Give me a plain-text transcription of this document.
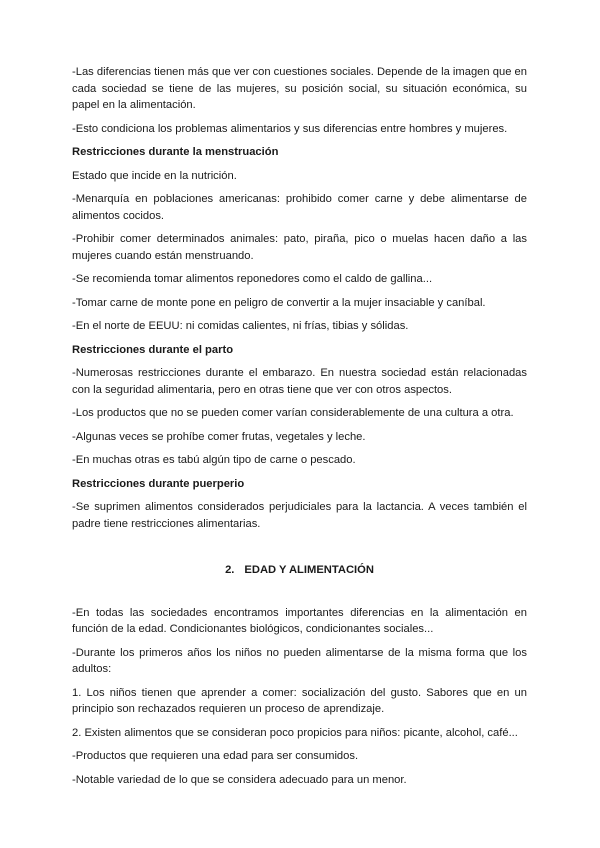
-Las diferencias tienen más que ver con cuestiones sociales. Depende de la imagen que en cada sociedad se tiene de las mujeres, su posición social, su situación económica, su papel en la alimentación.

-Esto condiciona los problemas alimentarios y sus diferencias entre hombres y mujeres.

Restricciones durante la menstruación

Estado que incide en la nutrición.

-Menarquía en poblaciones americanas: prohibido comer carne y debe alimentarse de alimentos cocidos.

-Prohibir comer determinados animales: pato, piraña, pico o muelas hacen daño a las mujeres cuando están menstruando.

-Se recomienda tomar alimentos reponedores como el caldo de gallina...

-Tomar carne de monte pone en peligro de convertir a la mujer insaciable y caníbal.

-En el norte de EEUU: ni comidas calientes, ni frías, tibias y sólidas.

Restricciones durante el parto

-Numerosas restricciones durante el embarazo. En nuestra sociedad están relacionadas con la seguridad alimentaria, pero en otras tiene que ver con otros aspectos.

-Los productos que no se pueden comer varían considerablemente de una cultura a otra.

-Algunas veces se prohíbe comer frutas, vegetales y leche.

-En muchas otras es tabú algún tipo de carne o pescado.

Restricciones durante puerperio

-Se suprimen alimentos considerados perjudiciales para la lactancia. A veces también el padre tiene restricciones alimentarias.

2. EDAD Y ALIMENTACIÓN

-En todas las sociedades encontramos importantes diferencias en la alimentación en función de la edad. Condicionantes biológicos, condicionantes sociales...

-Durante los primeros años los niños no pueden alimentarse de la misma forma que los adultos:

1. Los niños tienen que aprender a comer: socialización del gusto. Sabores que en un principio son rechazados requieren un proceso de aprendizaje.

2. Existen alimentos que se consideran poco propicios para niños: picante, alcohol, café...

-Productos que requieren una edad para ser consumidos.

-Notable variedad de lo que se considera adecuado para un menor.
